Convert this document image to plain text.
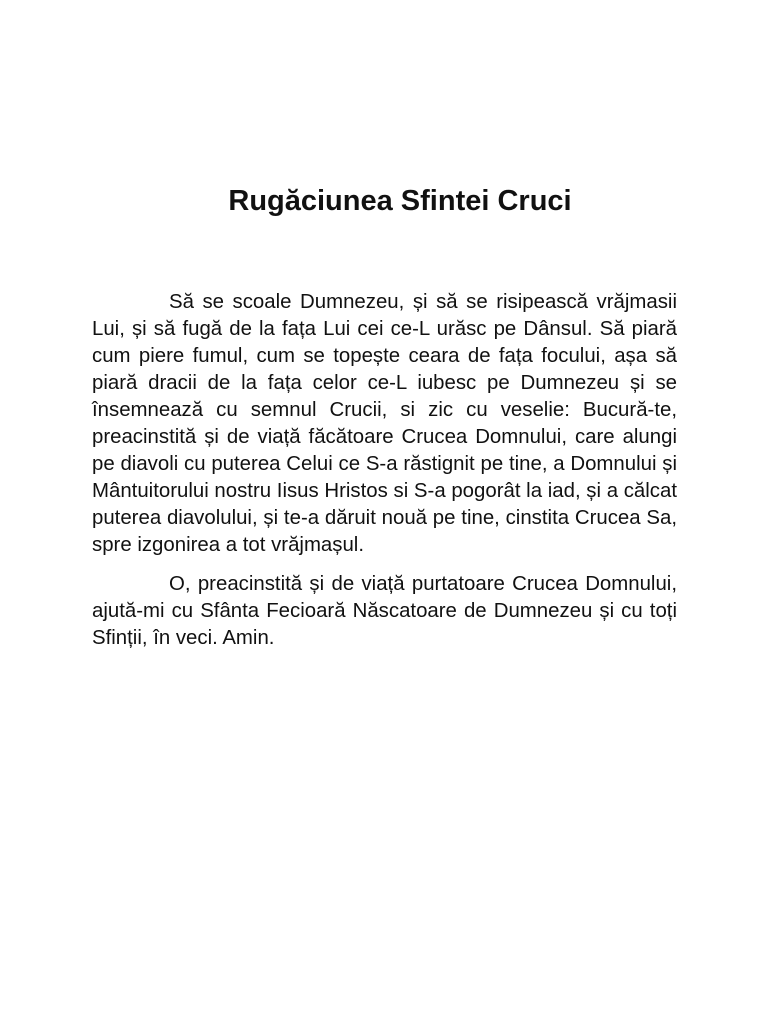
Rugăciunea Sfintei Cruci

Să se scoale Dumnezeu, și să se risipească vrăjmasii Lui, și să fugă de la fața Lui cei ce-L urăsc pe Dânsul. Să piară cum piere fumul, cum se topește ceara de fața focului, așa să piară dracii de la fața celor ce-L iubesc pe Dumnezeu și se însemnează cu semnul Crucii, si zic cu veselie: Bucură-te, preacinstită și de viață făcătoare Crucea Domnului, care alungi pe diavoli cu puterea Celui ce S-a răstignit pe tine, a Domnului și Mântuitorului nostru Iisus Hristos si S-a pogorât la iad, și a călcat puterea diavolului, și te-a dăruit nouă pe tine, cinstita Crucea Sa, spre izgonirea a tot vrăjmașul.

O, preacinstită și de viață purtatoare Crucea Domnului, ajută-mi cu Sfânta Fecioară Născatoare de Dumnezeu și cu toți Sfinții, în veci. Amin.
